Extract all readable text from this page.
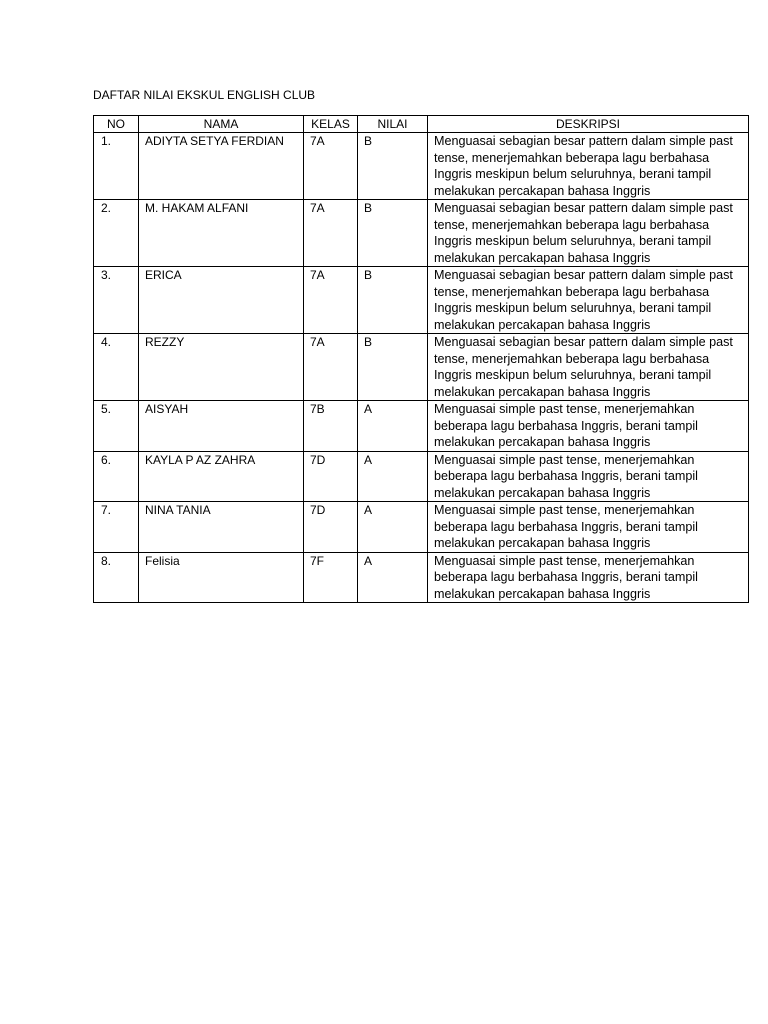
DAFTAR NILAI EKSKUL ENGLISH CLUB
NO	NAMA	KELAS	NILAI	DESKRIPSI
1.	ADIYTA SETYA FERDIAN	7A	B	Menguasai sebagian besar pattern dalam simple past tense, menerjemahkan beberapa lagu berbahasa Inggris meskipun belum seluruhnya, berani tampil melakukan percakapan bahasa Inggris
2.	M. HAKAM ALFANI	7A	B	Menguasai sebagian besar pattern dalam simple past tense, menerjemahkan beberapa lagu berbahasa Inggris meskipun belum seluruhnya, berani tampil melakukan percakapan bahasa Inggris
3.	ERICA	7A	B	Menguasai sebagian besar pattern dalam simple past tense, menerjemahkan beberapa lagu berbahasa Inggris meskipun belum seluruhnya, berani tampil melakukan percakapan bahasa Inggris
4.	REZZY	7A	B	Menguasai sebagian besar pattern dalam simple past tense, menerjemahkan beberapa lagu berbahasa Inggris meskipun belum seluruhnya, berani tampil melakukan percakapan bahasa Inggris
5.	AISYAH	7B	A	Menguasai simple past tense, menerjemahkan beberapa lagu berbahasa Inggris, berani tampil melakukan percakapan bahasa Inggris
6.	KAYLA P AZ ZAHRA	7D	A	Menguasai simple past tense, menerjemahkan beberapa lagu berbahasa Inggris, berani tampil melakukan percakapan bahasa Inggris
7.	NINA TANIA	7D	A	Menguasai simple past tense, menerjemahkan beberapa lagu berbahasa Inggris, berani tampil melakukan percakapan bahasa Inggris
8.	Felisia	7F	A	Menguasai simple past tense, menerjemahkan beberapa lagu berbahasa Inggris, berani tampil melakukan percakapan bahasa Inggris
